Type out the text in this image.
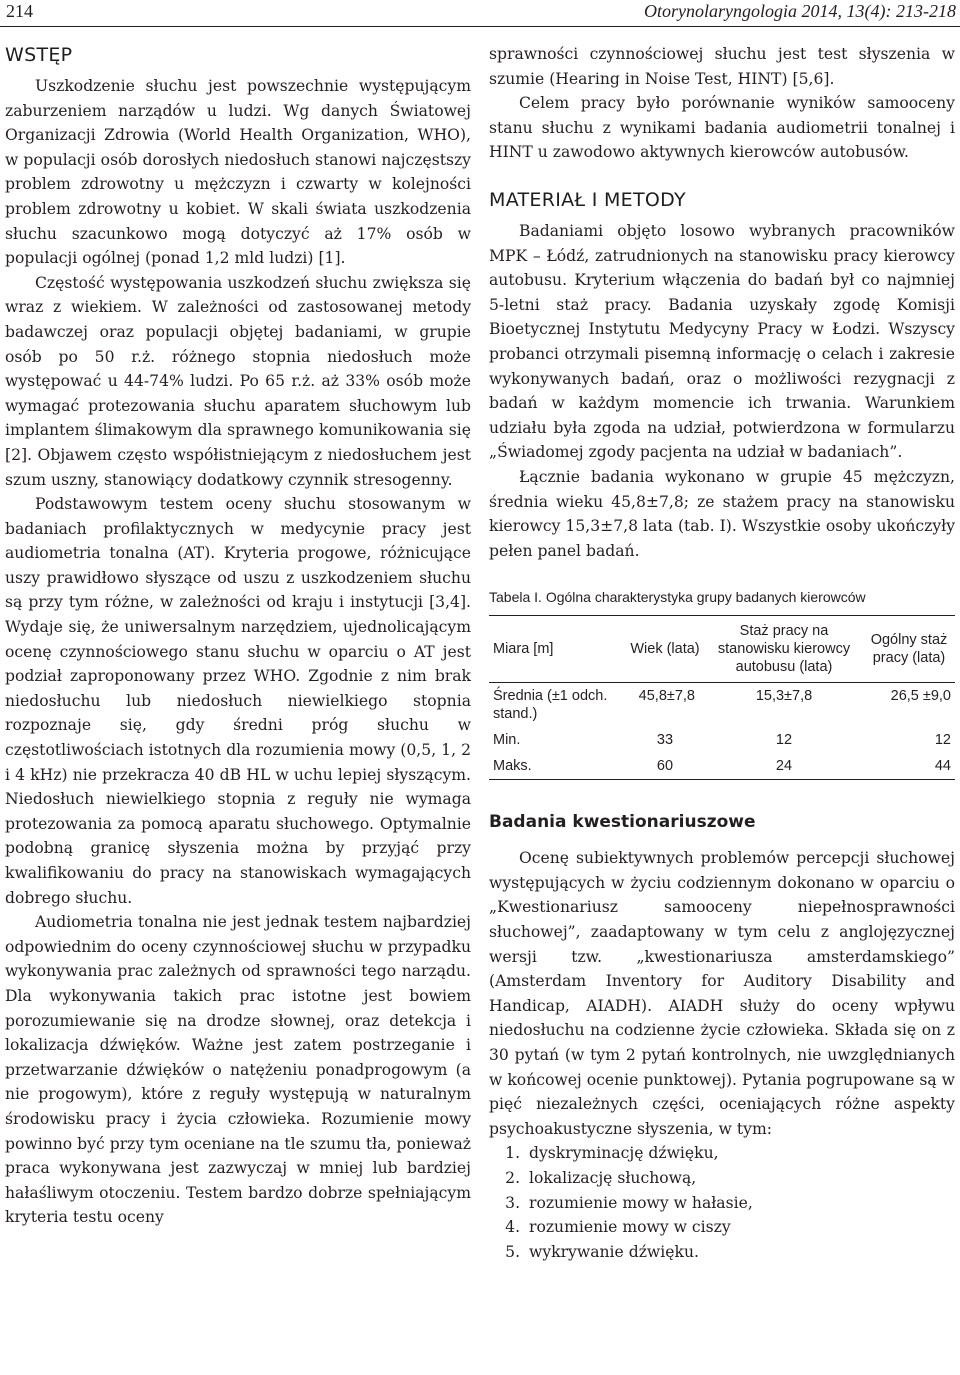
214	Otorynolaryngologia 2014, 13(4): 213-218
WSTĘP

Uszkodzenie słuchu jest powszechnie występującym zaburzeniem narządów u ludzi. Wg danych Światowej Organizacji Zdrowia (World Health Organization, WHO), w populacji osób dorosłych niedosłuch stanowi najczęstszy problem zdrowotny u mężczyzn i czwarty w kolejności problem zdrowotny u kobiet. W skali świata uszkodzenia słuchu szacunkowo mogą dotyczyć aż 17% osób w populacji ogólnej (ponad 1,2 mld ludzi) [1].

Częstość występowania uszkodzeń słuchu zwiększa się wraz z wiekiem. W zależności od zastosowanej metody badawczej oraz populacji objętej badaniami, w grupie osób po 50 r.ż. różnego stopnia niedosłuch może występować u 44-74% ludzi. Po 65 r.ż. aż 33% osób może wymagać protezowania słuchu aparatem słuchowym lub implantem ślimakowym dla sprawnego komunikowania się [2]. Objawem często współistniejącym z niedosłuchem jest szum uszny, stanowiący dodatkowy czynnik stresogenny.

Podstawowym testem oceny słuchu stosowanym w badaniach profilaktycznych w medycynie pracy jest audiometria tonalna (AT). Kryteria progowe, różnicujące uszy prawidłowo słyszące od uszu z uszkodzeniem słuchu są przy tym różne, w zależności od kraju i instytucji [3,4]. Wydaje się, że uniwersalnym narzędziem, ujednolicającym ocenę czynnościowego stanu słuchu w oparciu o AT jest podział zaproponowany przez WHO. Zgodnie z nim brak niedosłuchu lub niedosłuch niewielkiego stopnia rozpoznaje się, gdy średni próg słuchu w częstotliwościach istotnych dla rozumienia mowy (0,5, 1, 2 i 4 kHz) nie przekracza 40 dB HL w uchu lepiej słyszącym. Niedosłuch niewielkiego stopnia z reguły nie wymaga protezowania za pomocą aparatu słuchowego. Optymalnie podobną granicę słyszenia można by przyjąć przy kwalifikowaniu do pracy na stanowiskach wymagających dobrego słuchu.

Audiometria tonalna nie jest jednak testem najbardziej odpowiednim do oceny czynnościowej słuchu w przypadku wykonywania prac zależnych od sprawności tego narządu. Dla wykonywania takich prac istotne jest bowiem porozumiewanie się na drodze słownej, oraz detekcja i lokalizacja dźwięków. Ważne jest zatem postrzeganie i przetwarzanie dźwięków o natężeniu ponadprogowym (a nie progowym), które z reguły występują w naturalnym środowisku pracy i życia człowieka. Rozumienie mowy powinno być przy tym oceniane na tle szumu tła, ponieważ praca wykonywana jest zazwyczaj w mniej lub bardziej hałaśliwym otoczeniu. Testem bardzo dobrze spełniającym kryteria testu oceny

sprawności czynnościowej słuchu jest test słyszenia w szumie (Hearing in Noise Test, HINT) [5,6].

Celem pracy było porównanie wyników samooceny stanu słuchu z wynikami badania audiometrii tonalnej i HINT u zawodowo aktywnych kierowców autobusów.

MATERIAŁ I METODY

Badaniami objęto losowo wybranych pracowników MPK – Łódź, zatrudnionych na stanowisku pracy kierowcy autobusu. Kryterium włączenia do badań był co najmniej 5-letni staż pracy. Badania uzyskały zgodę Komisji Bioetycznej Instytutu Medycyny Pracy w Łodzi. Wszyscy probanci otrzymali pisemną informację o celach i zakresie wykonywanych badań, oraz o możliwości rezygnacji z badań w każdym momencie ich trwania. Warunkiem udziału była zgoda na udział, potwierdzona w formularzu „Świadomej zgody pacjenta na udział w badaniach”.

Łącznie badania wykonano w grupie 45 mężczyzn, średnia wieku 45,8±7,8; ze stażem pracy na stanowisku kierowcy 15,3±7,8 lata (tab. I). Wszystkie osoby ukończyły pełen panel badań.

Tabela I. Ogólna charakterystyka grupy badanych kierowców
Miara [m]	Wiek (lata)	Staż pracy na stanowisku kierowcy autobusu (lata)	Ogólny staż pracy (lata)
Średnia (±1 odch. stand.)	45,8±7,8	15,3±7,8	26,5 ±9,0
Min.	33	12	12
Maks.	60	24	44
Badania kwestionariuszowe

Ocenę subiektywnych problemów percepcji słuchowej występujących w życiu codziennym dokonano w oparciu o „Kwestionariusz samooceny niepełnosprawności słuchowej”, zaadaptowany w tym celu z anglojęzycznej wersji tzw. „kwestionariusza amsterdamskiego” (Amsterdam Inventory for Auditory Disability and Handicap, AIADH). AIADH służy do oceny wpływu niedosłuchu na codzienne życie człowieka. Składa się on z 30 pytań (w tym 2 pytań kontrolnych, nie uwzględnianych w końcowej ocenie punktowej). Pytania pogrupowane są w pięć niezależnych części, oceniających różne aspekty psychoakustyczne słyszenia, w tym:

1. dyskryminację dźwięku,
2. lokalizację słuchową,
3. rozumienie mowy w hałasie,
4. rozumienie mowy w ciszy
5. wykrywanie dźwięku.
